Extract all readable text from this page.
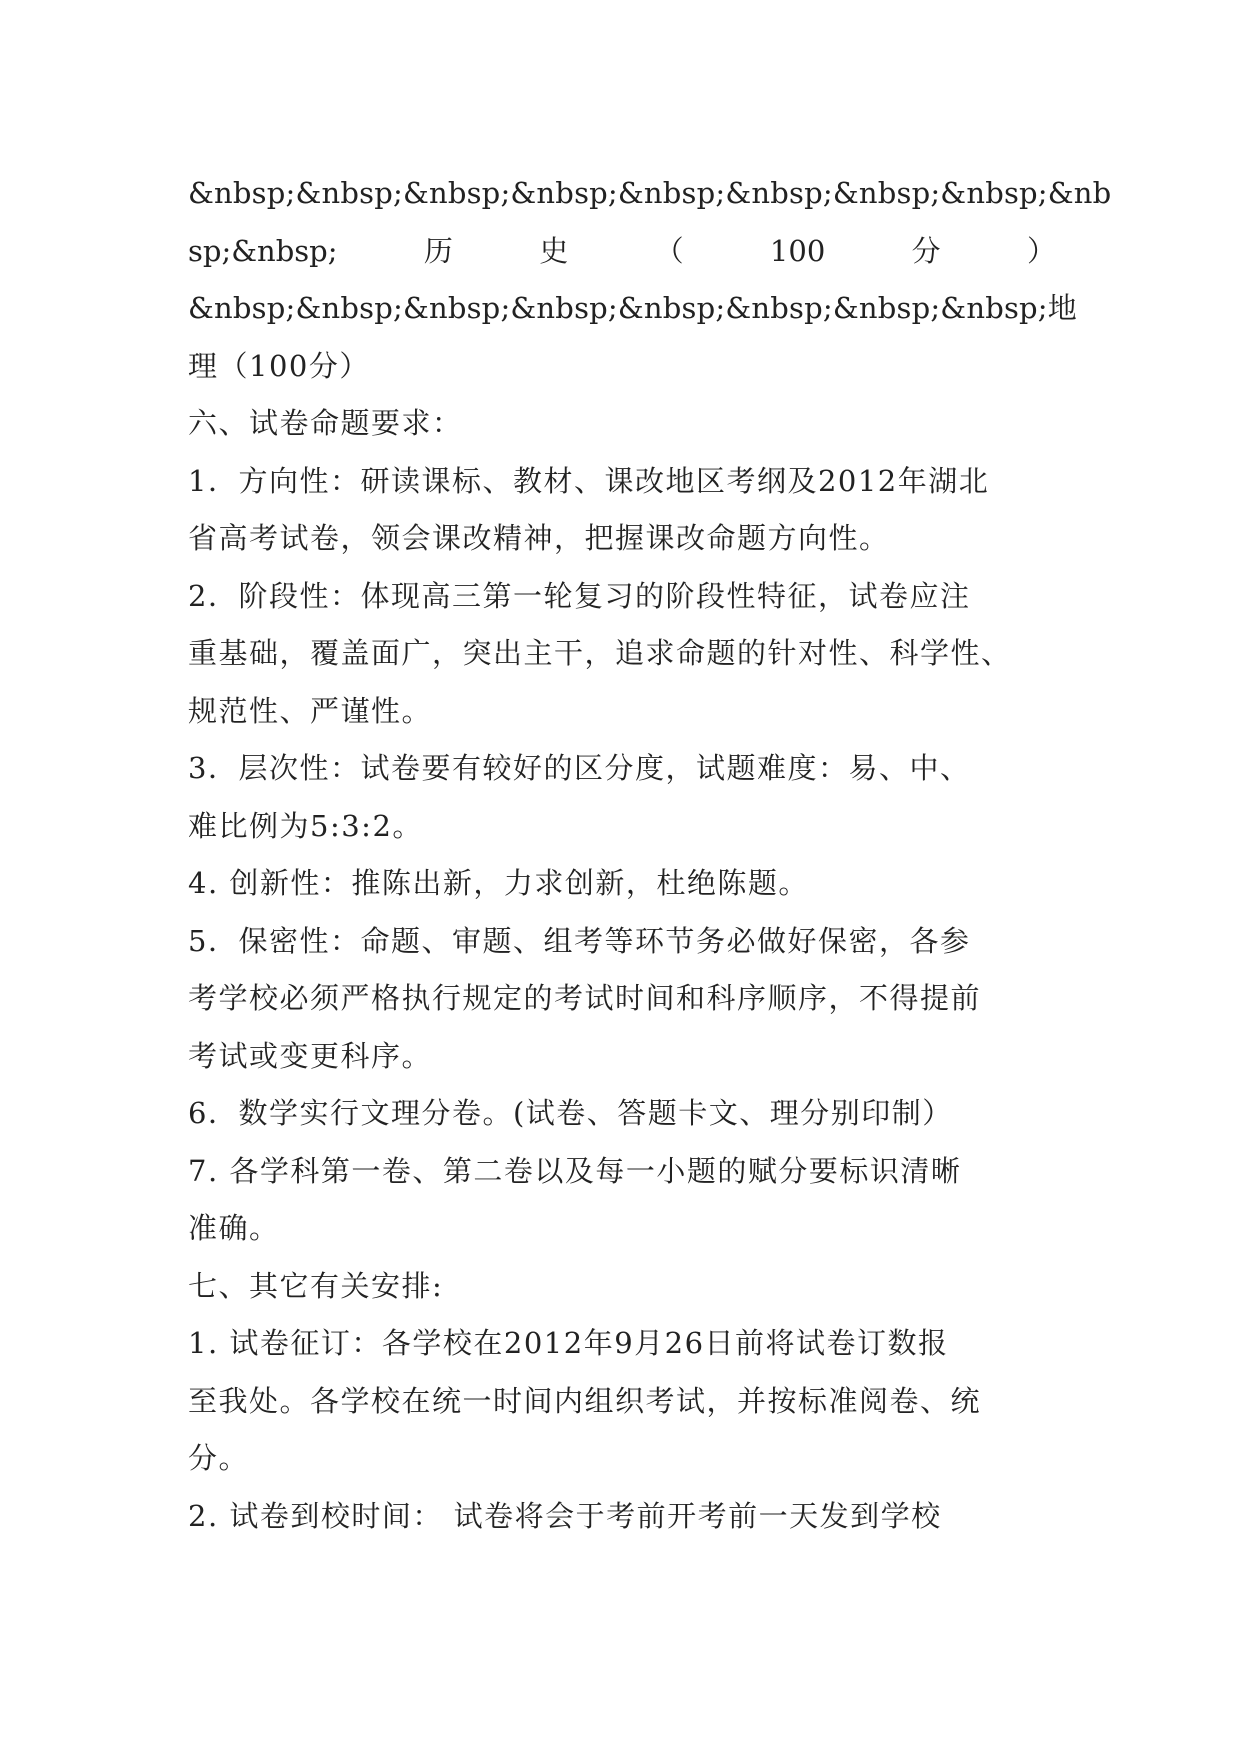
&nbsp;&nbsp;&nbsp;&nbsp;&nbsp;&nbsp;&nbsp;&nbsp;&nb
sp;&nbsp;	历	史	（	100	分	）
&nbsp;&nbsp;&nbsp;&nbsp;&nbsp;&nbsp;&nbsp;&nbsp; 地
理（100分）
六、试卷命题要求：
1．方向性：研读课标、教材、课改地区考纲及2012年湖北
省高考试卷，领会课改精神，把握课改命题方向性。
2．阶段性：体现高三第一轮复习的阶段性特征，试卷应注
重基础，覆盖面广，突出主干，追求命题的针对性、科学性、
规范性、严谨性。
3．层次性：试卷要有较好的区分度，试题难度：易、中、
难比例为5:3:2。
4. 创新性：推陈出新，力求创新，杜绝陈题。
5．保密性：命题、审题、组考等环节务必做好保密，各参
考学校必须严格执行规定的考试时间和科序顺序，不得提前
考试或变更科序。
6．数学实行文理分卷。(试卷、答题卡文、理分别印制）
7. 各学科第一卷、第二卷以及每一小题的赋分要标识清晰
准确。
七、其它有关安排:
1. 试卷征订：各学校在2012年9月26日前将试卷订数报
至我处。各学校在统一时间内组织考试，并按标准阅卷、统
分。
2. 试卷到校时间： 试卷将会于考前开考前一天发到学校
